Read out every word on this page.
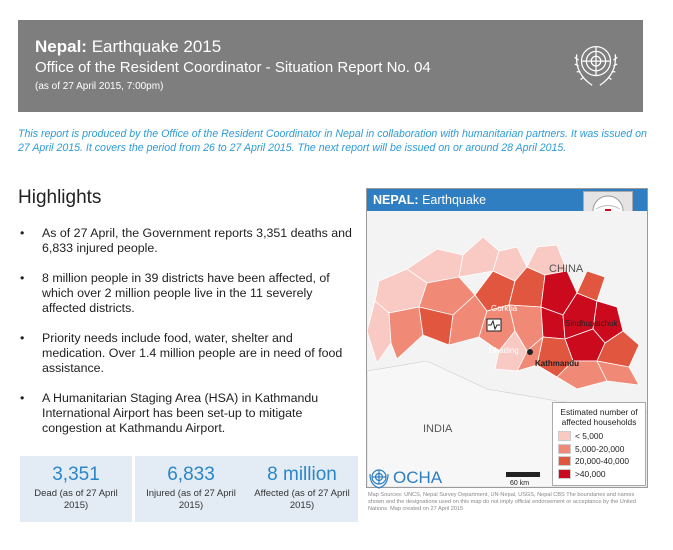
Nepal: Earthquake 2015
Office of the Resident Coordinator - Situation Report No. 04
(as of 27 April 2015, 7:00pm)
This report is produced by the Office of the Resident Coordinator in Nepal in collaboration with humanitarian partners. It was issued on 27 April 2015. It covers the period from 26 to 27 April 2015. The next report will be issued on or around 28 April 2015.
Highlights
• As of 27 April, the Government reports 3,351 deaths and 6,833 injured people.
• 8 million people in 39 districts have been affected, of which over 2 million people live in the 11 severely affected districts.
• Priority needs include food, water, shelter and medication. Over 1.4 million people are in need of food assistance.
• A Humanitarian Staging Area (HSA) in Kathmandu International Airport has been set-up to mitigate congestion at Kathmandu Airport.
3,351
Dead (as of 27 April 2015)
6,833
Injured (as of 27 April 2015)
8 million
Affected (as of 27 April 2015)
NEPAL: Earthquake
CHINA
INDIA
Gorkha
Sindhupalchuk
Dhading
Kathmandu
Estimated number of affected households
< 5,000
5,000-20,000
20,000-40,000
>40,000
OCHA	60 km
Map Sources: UNCS, Nepal Survey Department, UN-Nepal, USGS, Nepal CBS The boundaries and names shown and the designations used on this map do not imply official endorsement or acceptance by the United Nations. Map created on 27 April 2015
